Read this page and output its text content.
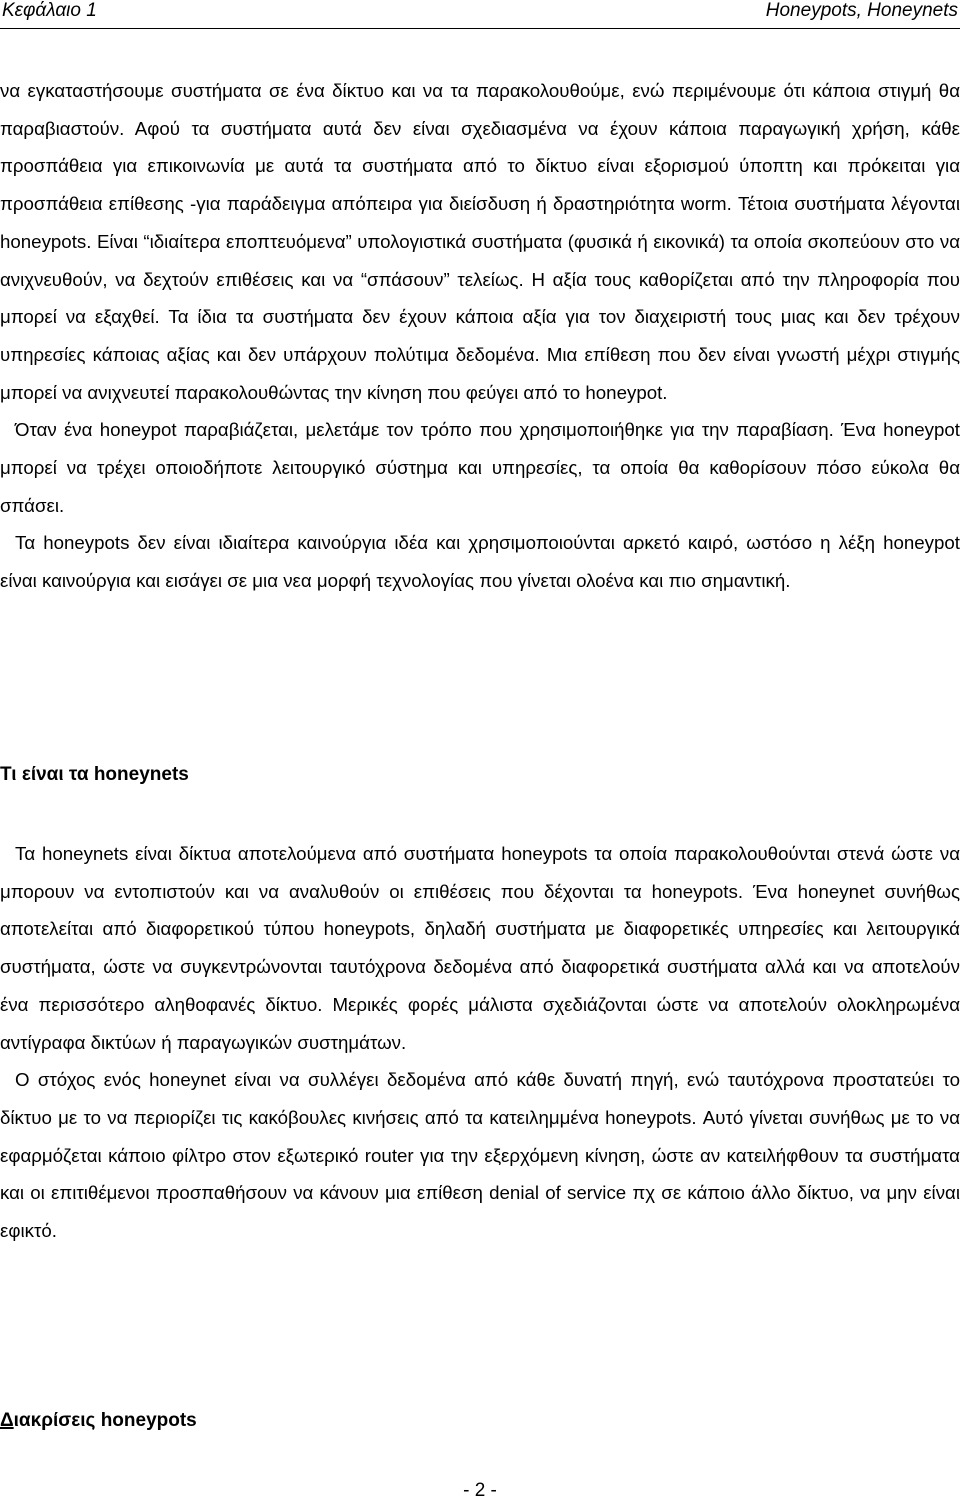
Κεφάλαιο 1	Honeypots, Honeynets

να εγκαταστήσουμε συστήματα σε ένα δίκτυο και να τα παρακολουθούμε, ενώ περιμένουμε ότι κάποια στιγμή θα παραβιαστούν. Αφού τα συστήματα αυτά δεν είναι σχεδιασμένα να έχουν κάποια παραγωγική χρήση, κάθε προσπάθεια για επικοινωνία με αυτά τα συστήματα από το δίκτυο είναι εξορισμού ύποπτη και πρόκειται για προσπάθεια επίθεσης -για παράδειγμα απόπειρα για διείσδυση ή δραστηριότητα worm. Τέτοια συστήματα λέγονται honeypots. Είναι “ιδιαίτερα εποπτευόμενα” υπολογιστικά συστήματα (φυσικά ή εικονικά) τα οποία σκοπεύουν στο να ανιχνευθούν, να δεχτούν επιθέσεις και να “σπάσουν” τελείως. Η αξία τους καθορίζεται από την πληροφορία που μπορεί να εξαχθεί. Τα ίδια τα συστήματα δεν έχουν κάποια αξία για τον διαχειριστή τους μιας και δεν τρέχουν υπηρεσίες κάποιας αξίας και δεν υπάρχουν πολύτιμα δεδομένα. Μια επίθεση που δεν είναι γνωστή μέχρι στιγμής μπορεί να ανιχνευτεί παρακολουθώντας την κίνηση που φεύγει από το honeypot.

Όταν ένα honeypot παραβιάζεται, μελετάμε τον τρόπο που χρησιμοποιήθηκε για την παραβίαση. Ένα honeypot μπορεί να τρέχει οποιοδήποτε λειτουργικό σύστημα και υπηρεσίες, τα οποία θα καθορίσουν πόσο εύκολα θα σπάσει.

Τα honeypots δεν είναι ιδιαίτερα καινούργια ιδέα και χρησιμοποιούνται αρκετό καιρό, ωστόσο η λέξη honeypot είναι καινούργια και εισάγει σε μια νεα μορφή τεχνολογίας που γίνεται ολοένα και πιο σημαντική.

Τι είναι τα honeynets

Τα honeynets είναι δίκτυα αποτελούμενα από συστήματα honeypots τα οποία παρακολουθούνται στενά ώστε να μπορουν να εντοπιστούν και να αναλυθούν οι επιθέσεις που δέχονται τα honeypots. Ένα honeynet συνήθως αποτελείται από διαφορετικού τύπου honeypots, δηλαδή συστήματα με διαφορετικές υπηρεσίες και λειτουργικά συστήματα, ώστε να συγκεντρώνονται ταυτόχρονα δεδομένα από διαφορετικά συστήματα αλλά και να αποτελούν ένα περισσότερο αληθοφανές δίκτυο. Μερικές φορές μάλιστα σχεδιάζονται ώστε να αποτελούν ολοκληρωμένα αντίγραφα δικτύων ή παραγωγικών συστημάτων.

Ο στόχος ενός honeynet είναι να συλλέγει δεδομένα από κάθε δυνατή πηγή, ενώ ταυτόχρονα προστατεύει το δίκτυο με το να περιορίζει τις κακόβουλες κινήσεις από τα κατειλημμένα honeypots. Αυτό γίνεται συνήθως με το να εφαρμόζεται κάποιο φίλτρο στον εξωτερικό router για την εξερχόμενη κίνηση, ώστε αν κατειλήφθουν τα συστήματα και οι επιτιθέμενοι προσπαθήσουν να κάνουν μια επίθεση denial of service πχ σε κάποιο άλλο δίκτυο, να μην είναι εφικτό.

Διακρίσεις honeypots
- 2 -
